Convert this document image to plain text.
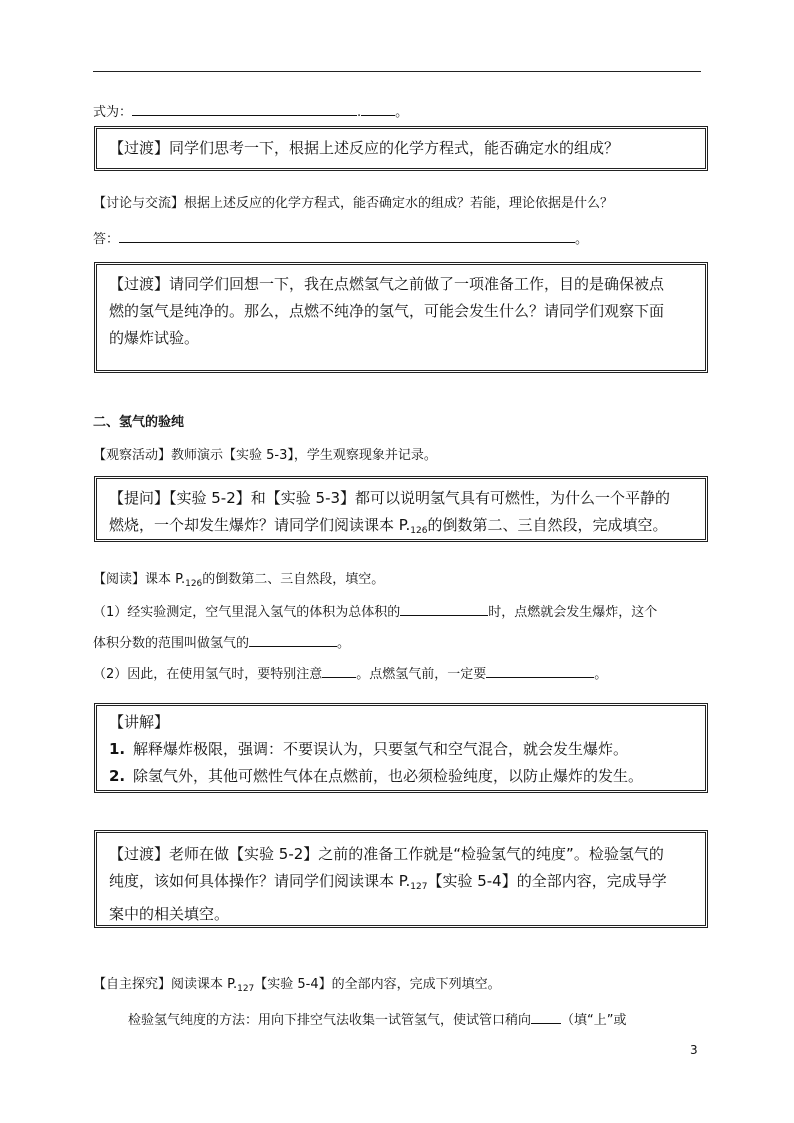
式为：	.	。

【过渡】同学们思考一下，根据上述反应的化学方程式，能否确定水的组成？

【讨论与交流】根据上述反应的化学方程式，能否确定水的组成？若能，理论依据是什么？
答：	。

【过渡】请同学们回想一下，我在点燃氢气之前做了一项准备工作，目的是确保被点

燃的氢气是纯净的。那么，点燃不纯净的氢气，可能会发生什么？请同学们观察下面

的爆炸试验。

二、氢气的验纯
【观察活动】教师演示【实验 5-3】，学生观察现象并记录。

【提问】【实验 5-2】和【实验 5-3】都可以说明氢气具有可燃性，为什么一个平静的

燃烧，一个却发生爆炸？请同学们阅读课本 $P._{126}$的倒数第二、三自然段，完成填空。

【阅读】课本 $P._{126}$的倒数第二、三自然段，填空。
（1）经实验测定，空气里混入氢气的体积为总体积的	时，点燃就会发生爆炸，这个
体积分数的范围叫做氢气的	。
（2）因此，在使用氢气时，要特别注意	。点燃氢气前，一定要	。

【讲解】

1. 解释爆炸极限，强调：不要误认为，只要氢气和空气混合，就会发生爆炸。

2. 除氢气外，其他可燃性气体在点燃前，也必须检验纯度，以防止爆炸的发生。

【过渡】老师在做【实验 5-2】之前的准备工作就是“检验氢气的纯度”。检验氢气的

纯度，该如何具体操作？请同学们阅读课本 $P._{127}$【实验 5-4】的全部内容，完成导学

案中的相关填空。

【自主探究】阅读课本 $P._{127}$【实验 5-4】的全部内容，完成下列填空。
检验氢气纯度的方法：用向下排空气法收集一试管氢气，使试管口稍向 （填“上”或
3
